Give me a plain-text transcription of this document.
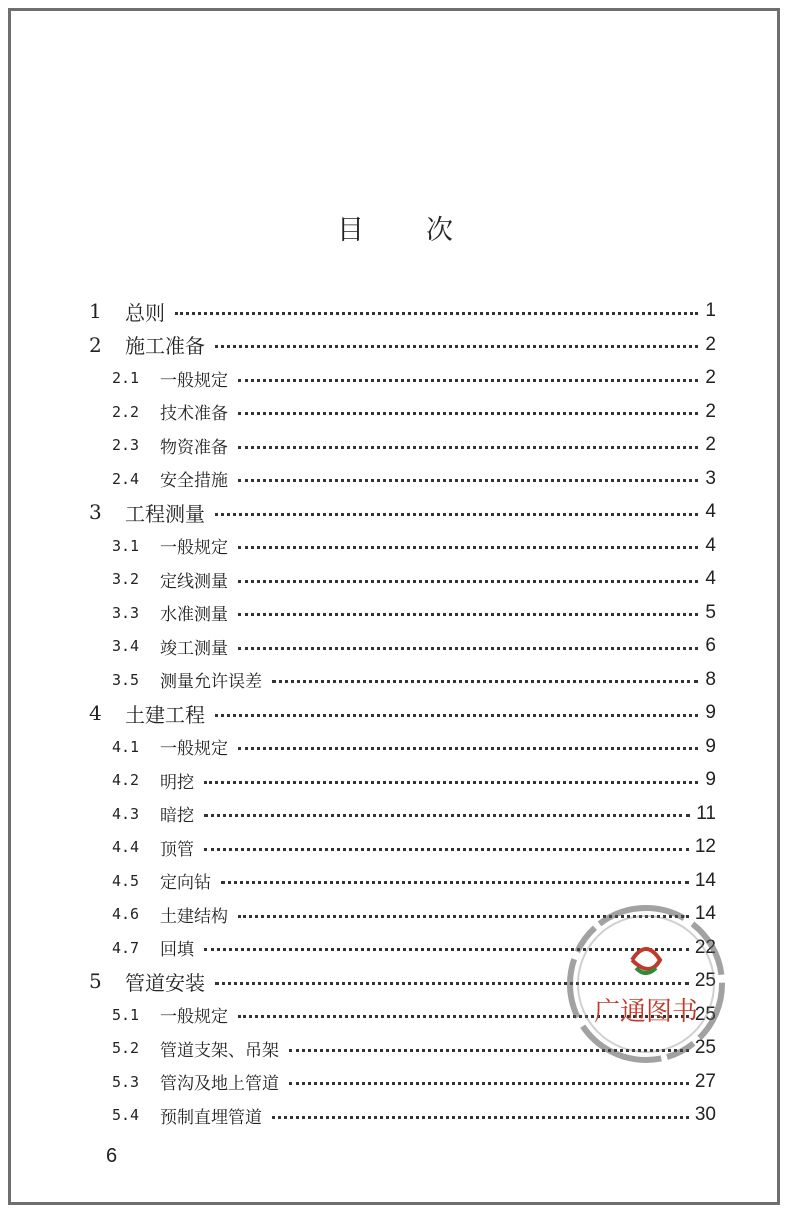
目 次
1	总则	1
2	施工准备	2
2.1	一般规定	2
2.2	技术准备	2
2.3	物资准备	2
2.4	安全措施	3
3	工程测量	4
3.1	一般规定	4
3.2	定线测量	4
3.3	水准测量	5
3.4	竣工测量	6
3.5	测量允许误差	8
4	土建工程	9
4.1	一般规定	9
4.2	明挖	9
4.3	暗挖	11
4.4	顶管	12
4.5	定向钻	14
4.6	土建结构	14
4.7	回填	22
5	管道安装	25
5.1	一般规定	25
5.2	管道支架、吊架	25
5.3	管沟及地上管道	27
5.4	预制直埋管道	30
6
广通图书
